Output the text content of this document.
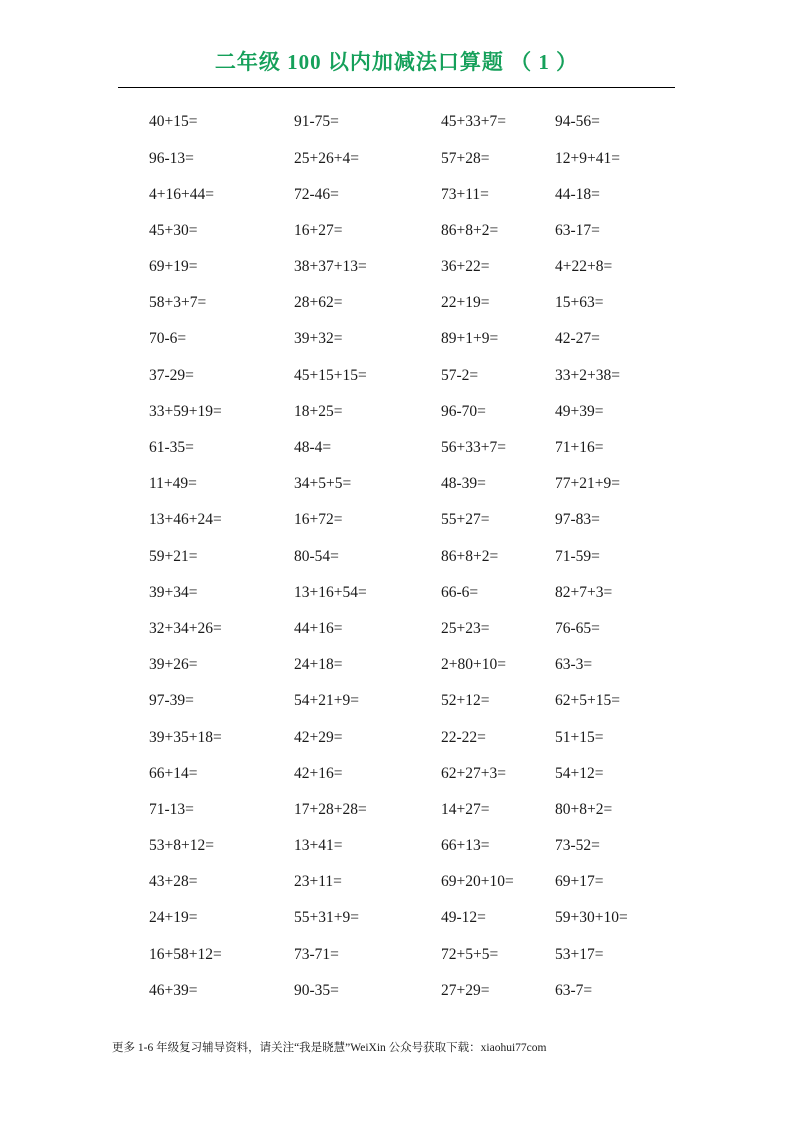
二年级 100 以内加减法口算题 （ 1 ）
40+15=	91-75=	45+33+7=	94-56=
96-13=	25+26+4=	57+28=	12+9+41=
4+16+44=	72-46=	73+11=	44-18=
45+30=	16+27=	86+8+2=	63-17=
69+19=	38+37+13=	36+22=	4+22+8=
58+3+7=	28+62=	22+19=	15+63=
70-6=	39+32=	89+1+9=	42-27=
37-29=	45+15+15=	57-2=	33+2+38=
33+59+19=	18+25=	96-70=	49+39=
61-35=	48-4=	56+33+7=	71+16=
11+49=	34+5+5=	48-39=	77+21+9=
13+46+24=	16+72=	55+27=	97-83=
59+21=	80-54=	86+8+2=	71-59=
39+34=	13+16+54=	66-6=	82+7+3=
32+34+26=	44+16=	25+23=	76-65=
39+26=	24+18=	2+80+10=	63-3=
97-39=	54+21+9=	52+12=	62+5+15=
39+35+18=	42+29=	22-22=	51+15=
66+14=	42+16=	62+27+3=	54+12=
71-13=	17+28+28=	14+27=	80+8+2=
53+8+12=	13+41=	66+13=	73-52=
43+28=	23+11=	69+20+10=	69+17=
24+19=	55+31+9=	49-12=	59+30+10=
16+58+12=	73-71=	72+5+5=	53+17=
46+39=	90-35=	27+29=	63-7=
更多 1-6 年级复习辅导资料，请关注“我是晓慧”WeiXin 公众号获取下载：xiaohui77com
